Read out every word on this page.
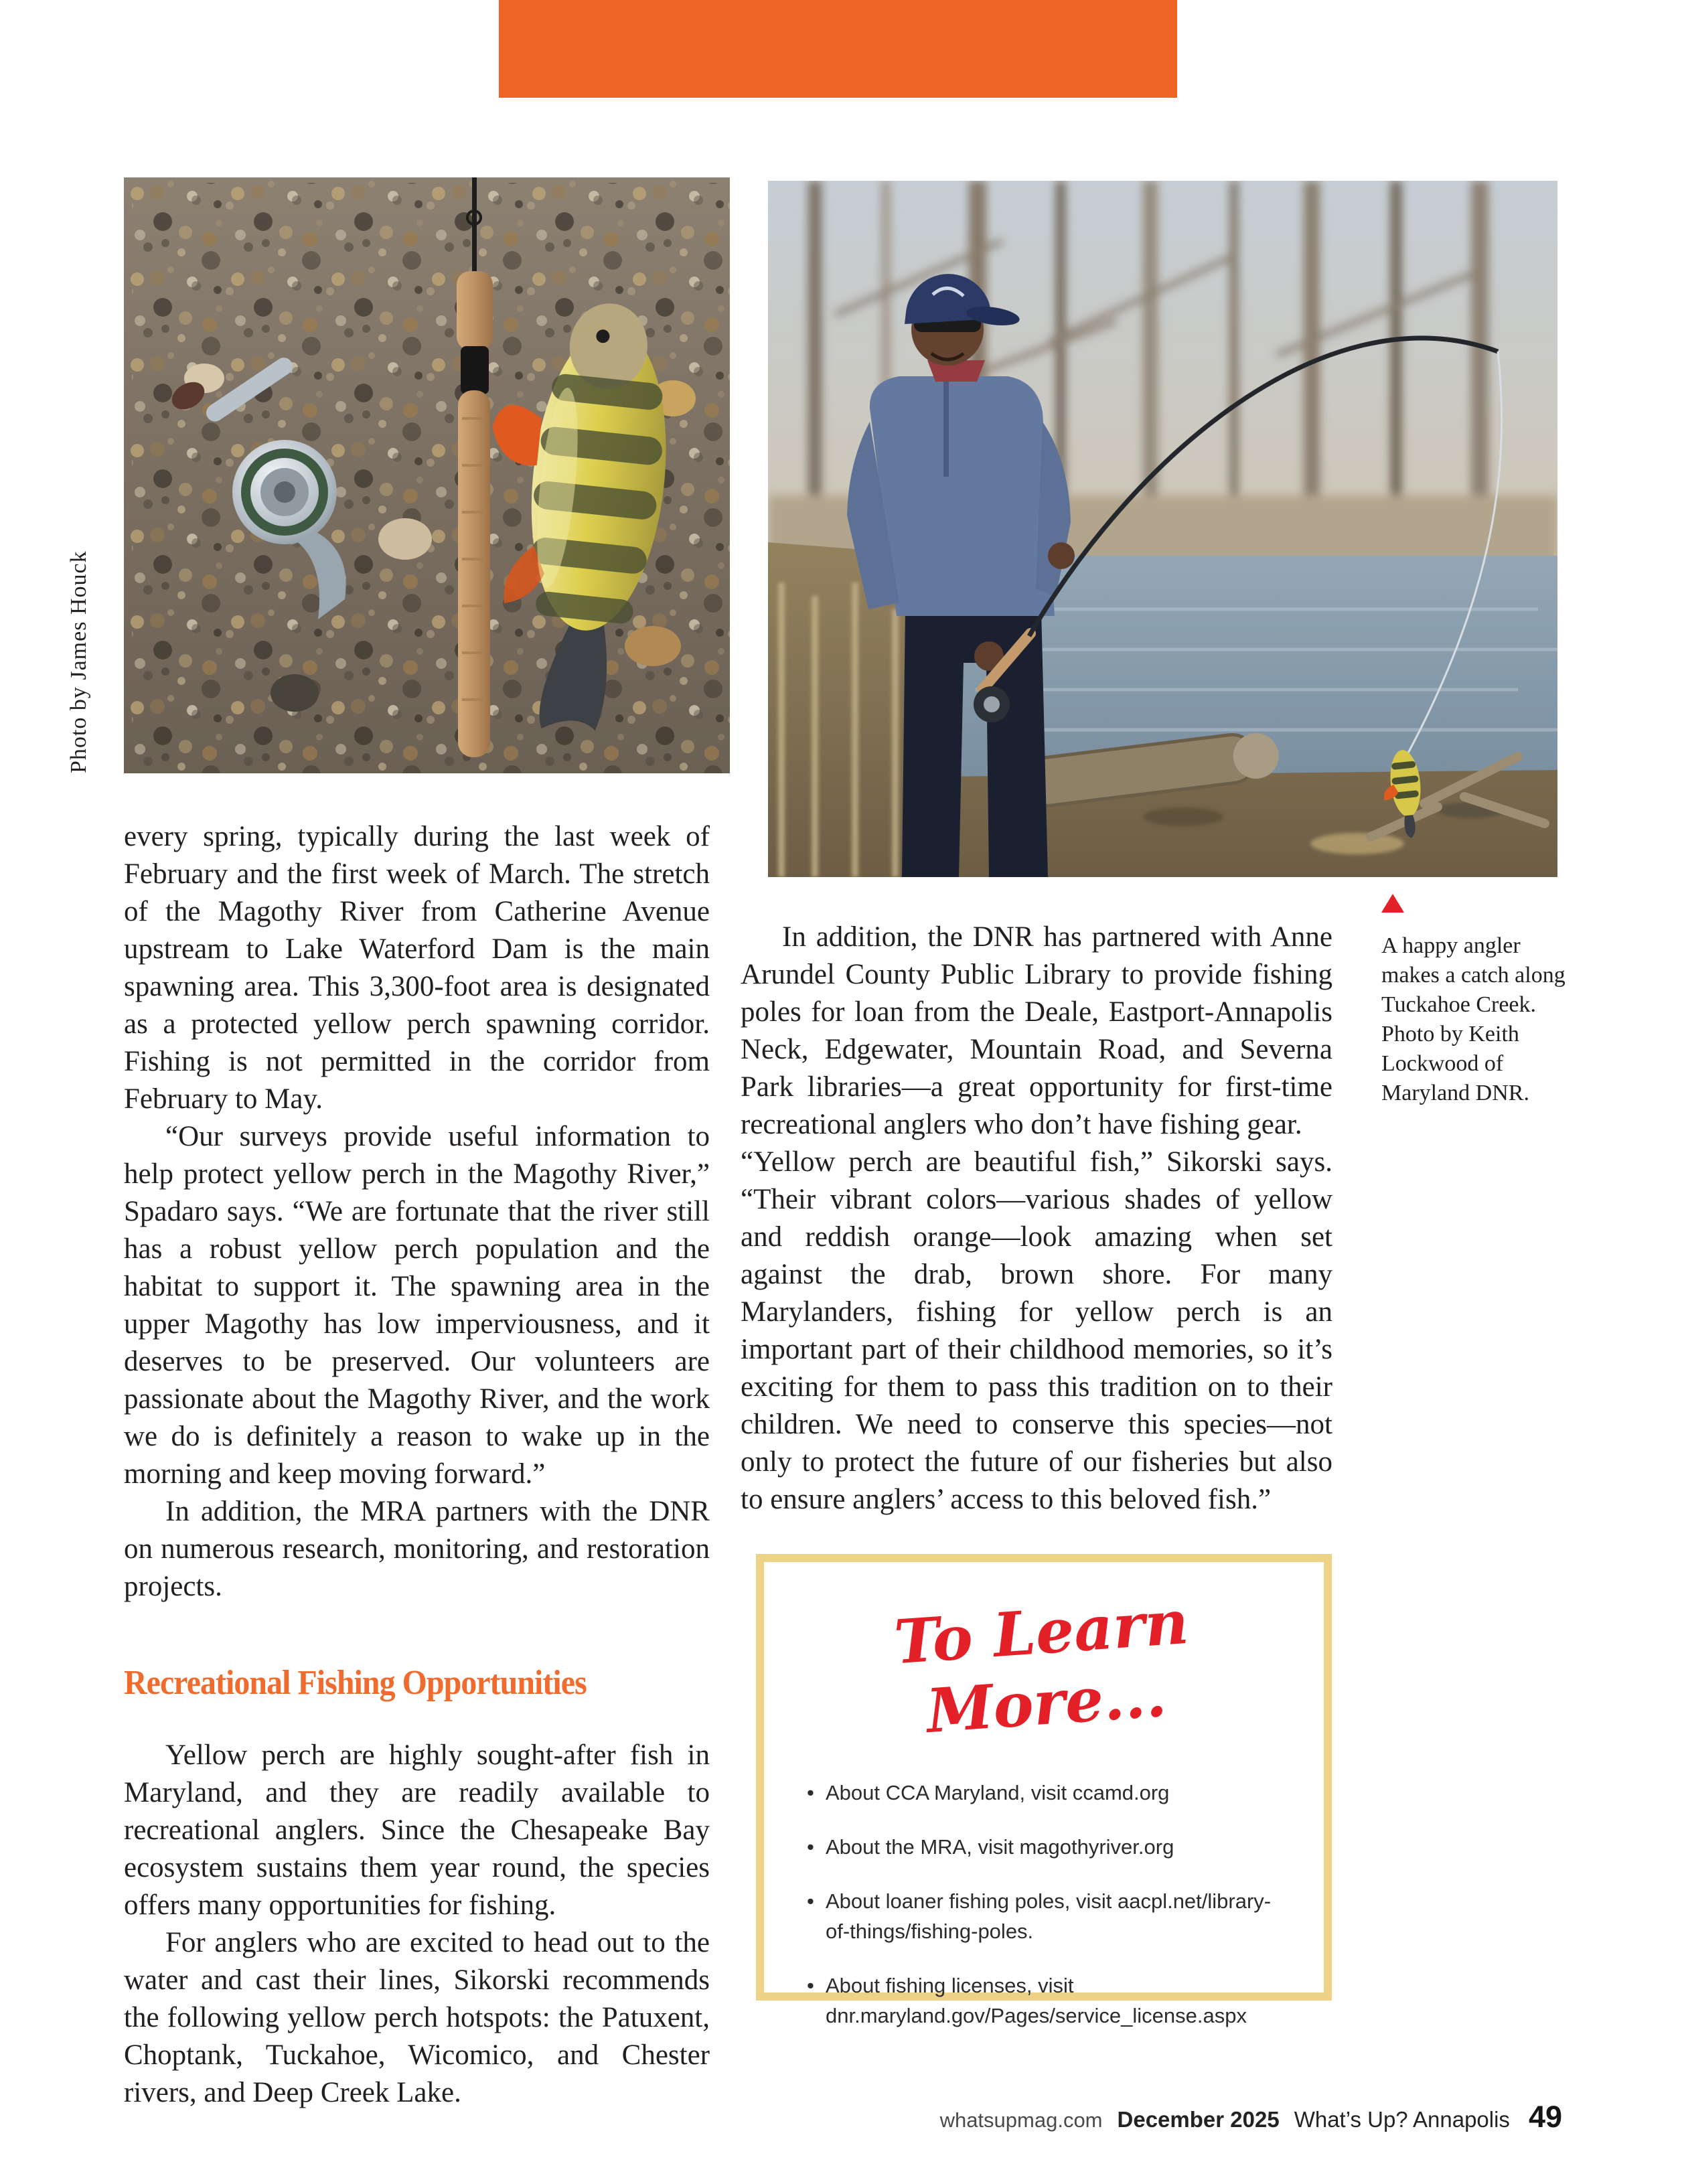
Photo by James Houck
A happy angler makes a catch along Tuckahoe Creek. Photo by Keith Lockwood of Maryland DNR.

every spring, typically during the last week of February and the first week of March. The stretch of the Magothy River from Catherine Avenue upstream to Lake Waterford Dam is the main spawning area. This 3,300-foot area is designated as a protected yellow perch spawning corridor. Fishing is not permitted in the corridor from February to May.

“Our surveys provide useful information to help protect yellow perch in the Magothy River,” Spadaro says. “We are fortunate that the river still has a robust yellow perch population and the habitat to support it. The spawning area in the upper Magothy has low imperviousness, and it deserves to be preserved. Our volunteers are passionate about the Magothy River, and the work we do is definitely a reason to wake up in the morning and keep moving forward.”

In addition, the MRA partners with the DNR on numerous research, monitoring, and restoration projects.

Recreational Fishing Opportunities

Yellow perch are highly sought-after fish in Maryland, and they are readily available to recreational anglers. Since the Chesapeake Bay ecosystem sustains them year round, the species offers many opportunities for fishing.

For anglers who are excited to head out to the water and cast their lines, Sikorski recommends the following yellow perch hotspots: the Patuxent, Choptank, Tuckahoe, Wicomico, and Chester rivers, and Deep Creek Lake.

In addition, the DNR has partnered with Anne Arundel County Public Library to provide fishing poles for loan from the Deale, Eastport-Annapolis Neck, Edgewater, Mountain Road, and Severna Park libraries—a great opportunity for first-time recreational anglers who don’t have fishing gear.

“Yellow perch are beautiful fish,” Sikorski says. “Their vibrant colors—various shades of yellow and reddish orange—look amazing when set against the drab, brown shore. For many Marylanders, fishing for yellow perch is an important part of their childhood memories, so it’s exciting for them to pass this tradition on to their children. We need to conserve this species—not only to protect the future of our fisheries but also to ensure anglers’ access to this beloved fish.”

To Learn More...
• About CCA Maryland, visit ccamd.org
• About the MRA, visit magothyriver.org
• About loaner fishing poles, visit aacpl.net/library-of-things/fishing-poles.
• About fishing licenses, visit dnr.maryland.gov/Pages/service_license.aspx
whatsupmag.com December 2025 What’s Up? Annapolis 49
